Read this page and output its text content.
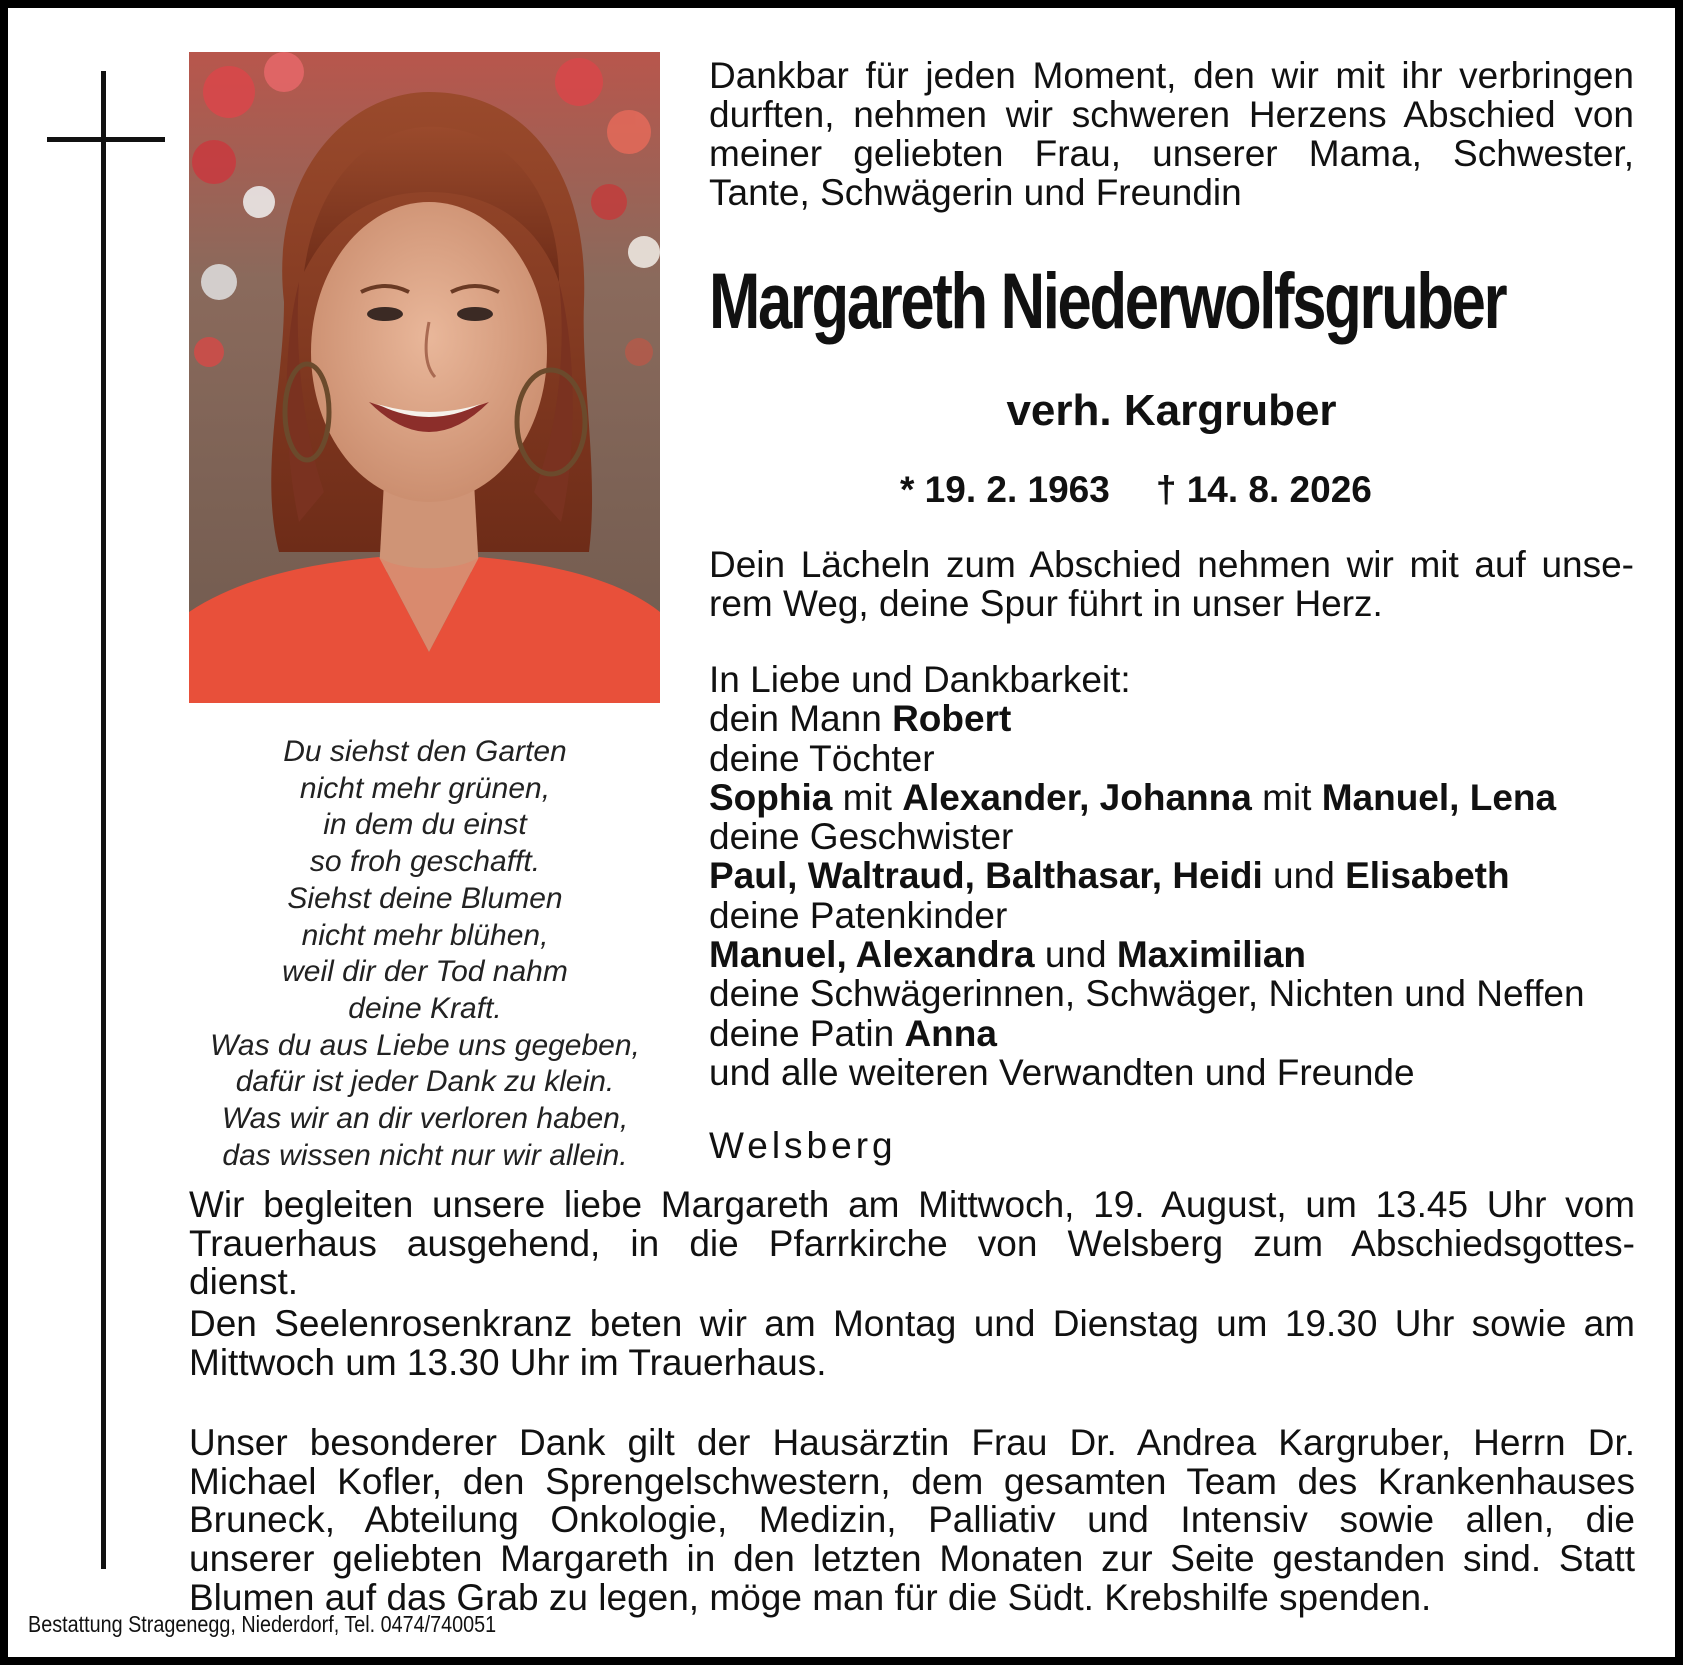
Du siehst den Garten
nicht mehr grünen,
in dem du einst
so froh geschafft.
Siehst deine Blumen
nicht mehr blühen,
weil dir der Tod nahm
deine Kraft.
Was du aus Liebe uns gegeben,
dafür ist jeder Dank zu klein.
Was wir an dir verloren haben,
das wissen nicht nur wir allein.
Dankbar für jeden Moment, den wir mit ihr verbringen
durften, nehmen wir schweren Herzens Abschied von
meiner geliebten Frau, unserer Mama, Schwester,
Tante, Schwägerin und Freundin
Margareth Niederwolfsgruber
verh. Kargruber
* 19. 2. 1963 † 14. 8. 2026
Dein Lächeln zum Abschied nehmen wir mit auf unse-
rem Weg, deine Spur führt in unser Herz.
In Liebe und Dankbarkeit:
dein Mann Robert
deine Töchter
Sophia mit Alexander, Johanna mit Manuel, Lena
deine Geschwister
Paul, Waltraud, Balthasar, Heidi und Elisabeth
deine Patenkinder
Manuel, Alexandra und Maximilian
deine Schwägerinnen, Schwäger, Nichten und Neffen
deine Patin Anna
und alle weiteren Verwandten und Freunde
Welsberg
Wir begleiten unsere liebe Margareth am Mittwoch, 19. August, um 13.45 Uhr vom
Trauerhaus ausgehend, in die Pfarrkirche von Welsberg zum Abschiedsgottes-
dienst.
Den Seelenrosenkranz beten wir am Montag und Dienstag um 19.30 Uhr sowie am
Mittwoch um 13.30 Uhr im Trauerhaus.
Unser besonderer Dank gilt der Hausärztin Frau Dr. Andrea Kargruber, Herrn Dr.
Michael Kofler, den Sprengelschwestern, dem gesamten Team des Krankenhauses
Bruneck, Abteilung Onkologie, Medizin, Palliativ und Intensiv sowie allen, die
unserer geliebten Margareth in den letzten Monaten zur Seite gestanden sind. Statt
Blumen auf das Grab zu legen, möge man für die Südt. Krebshilfe spenden.
Bestattung Stragenegg, Niederdorf, Tel. 0474/740051
